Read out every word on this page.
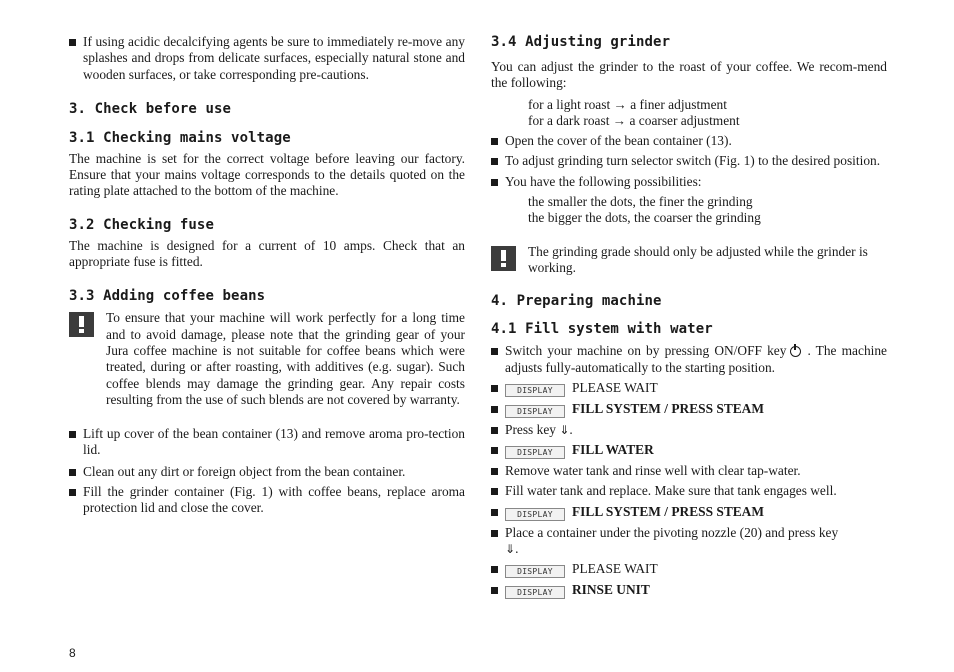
If using acidic decalcifying agents be sure to immediately re-move any splashes and drops from delicate surfaces, especially natural stone and wooden surfaces, or take corresponding pre-cautions.
3. Check before use
3.1 Checking mains voltage

The machine is set for the correct voltage before leaving our factory. Ensure that your mains voltage corresponds to the details quoted on the rating plate attached to the bottom of the machine.

3.2 Checking fuse

The machine is designed for a current of 10 amps. Check that an appropriate fuse is fitted.

3.3 Adding coffee beans

To ensure that your machine will work perfectly for a long time and to avoid damage, please note that the grinding gear of your Jura coffee machine is not suitable for coffee beans which were treated, during or after roasting, with additives (e.g. sugar). Such coffee blends may damage the grinding gear. Any repair costs resulting from the use of such blends are not covered by warranty.

Lift up cover of the bean container (13) and remove aroma pro-tection lid.
Clean out any dirt or foreign object from the bean container.
Fill the grinder container (Fig. 1) with coffee beans, replace aroma protection lid and close the cover.
3.4 Adjusting grinder

You can adjust the grinder to the roast of your coffee. We recom-mend the following:

for a light roast → a finer adjustment
for a dark roast → a coarser adjustment
Open the cover of the bean container (13).
To adjust grinding turn selector switch (Fig. 1) to the desired position.
You have the following possibilities:
the smaller the dots, the finer the grinding
the bigger the dots, the coarser the grinding

The grinding grade should only be adjusted while the grinder is working.

4. Preparing machine
4.1 Fill system with water
Switch your machine on by pressing ON/OFF key . The machine adjusts fully-automatically to the starting position.
DISPLAY PLEASE WAIT
DISPLAY FILL SYSTEM / PRESS STEAM
Press key ⇓.
DISPLAY FILL WATER
Remove water tank and rinse well with clear tap-water.
Fill water tank and replace. Make sure that tank engages well.
DISPLAY FILL SYSTEM / PRESS STEAM
Place a container under the pivoting nozzle (20) and press key
⇓.
DISPLAY PLEASE WAIT
DISPLAY RINSE UNIT
8
